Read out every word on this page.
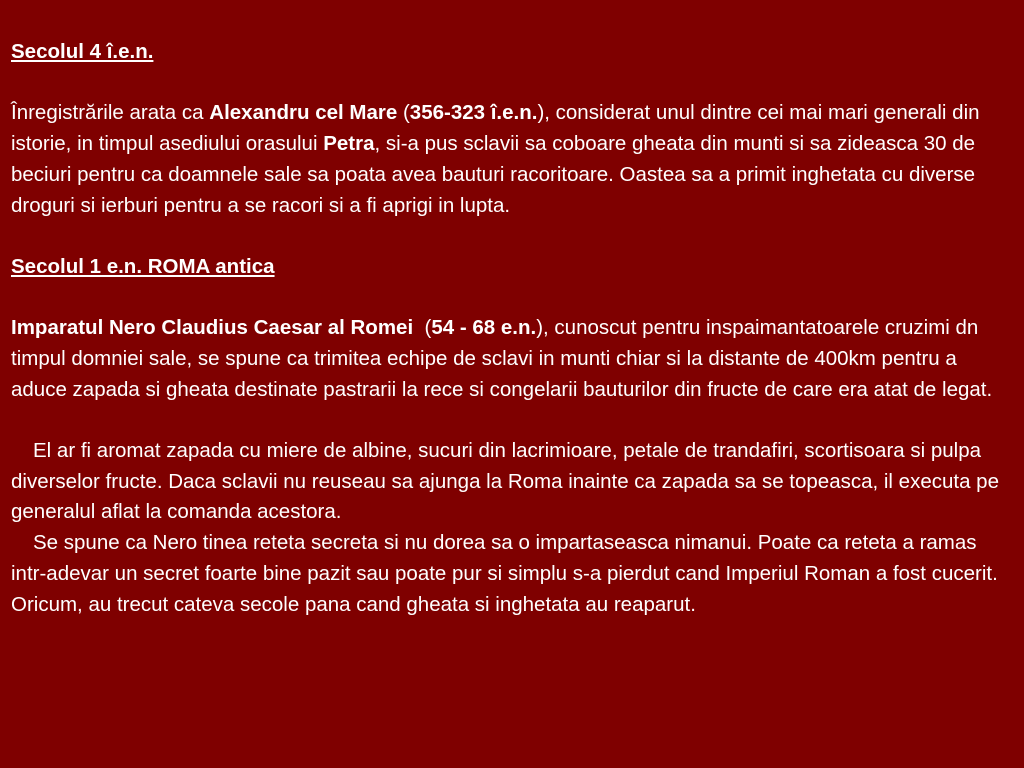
Secolul 4 î.e.n.

Înregistrările arata ca Alexandru cel Mare (356-323 î.e.n.), considerat unul dintre cei mai mari generali din istorie, in timpul asediului orasului Petra, si-a pus sclavii sa coboare gheata din munti si sa zideasca 30 de beciuri pentru ca doamnele sale sa poata avea bauturi racoritoare. Oastea sa a primit inghetata cu diverse droguri si ierburi pentru a se racori si a fi aprigi in lupta.

Secolul 1 e.n. ROMA antica

Imparatul Nero Claudius Caesar al Romei  (54 - 68 e.n.), cunoscut pentru inspaimantatoarele cruzimi dn timpul domniei sale, se spune ca trimitea echipe de sclavi in munti chiar si la distante de 400km pentru a aduce zapada si gheata destinate pastrarii la rece si congelarii bauturilor din fructe de care era atat de legat.

El ar fi aromat zapada cu miere de albine, sucuri din lacrimioare, petale de trandafiri, scortisoara si pulpa diverselor fructe. Daca sclavii nu reuseau sa ajunga la Roma inainte ca zapada sa se topeasca, il executa pe generalul aflat la comanda acestora.

Se spune ca Nero tinea reteta secreta si nu dorea sa o impartaseasca nimanui. Poate ca reteta a ramas intr-adevar un secret foarte bine pazit sau poate pur si simplu s-a pierdut cand Imperiul Roman a fost cucerit. Oricum, au trecut cateva secole pana cand gheata si inghetata au reaparut.
